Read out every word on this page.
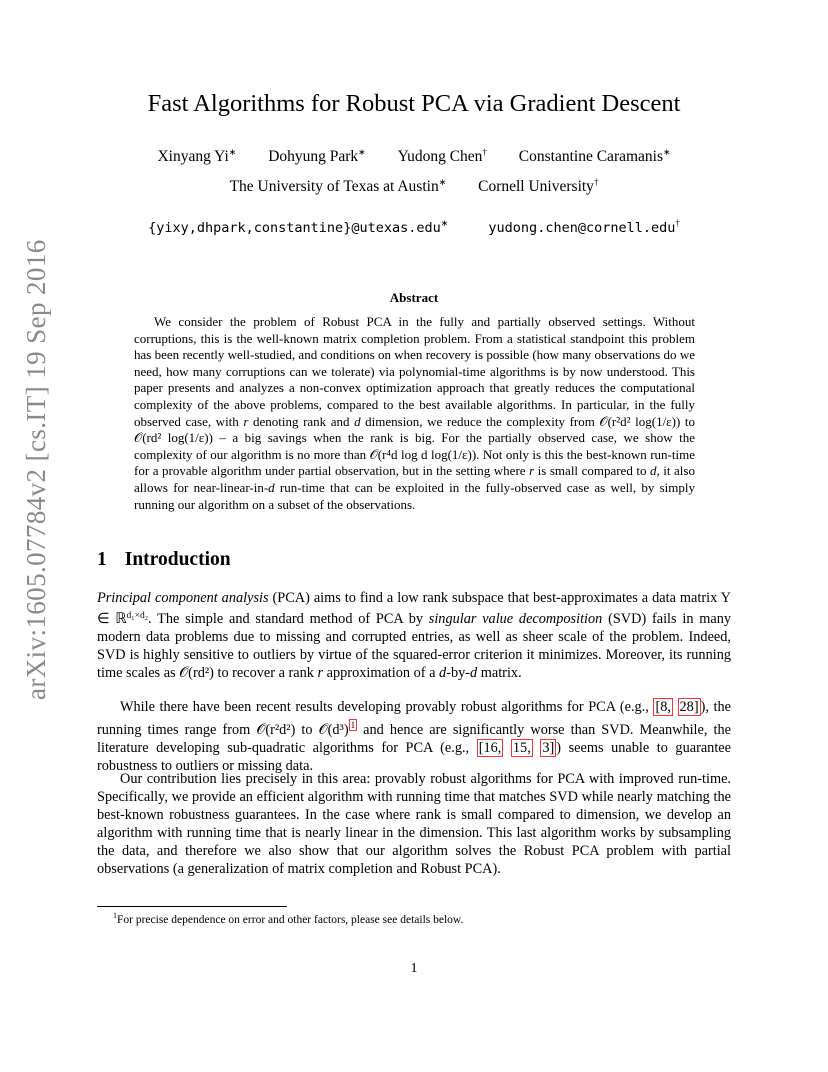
arXiv:1605.07784v2 [cs.IT] 19 Sep 2016
Fast Algorithms for Robust PCA via Gradient Descent
Xinyang Yi∗ Dohyung Park∗ Yudong Chen† Constantine Caramanis∗
The University of Texas at Austin∗ Cornell University†
{yixy,dhpark,constantine}@utexas.edu∗	yudong.chen@cornell.edu†
Abstract
We consider the problem of Robust PCA in the fully and partially observed settings. Without corruptions, this is the well-known matrix completion problem. From a statistical standpoint this problem has been recently well-studied, and conditions on when recovery is possible (how many observations do we need, how many corruptions can we tolerate) via polynomial-time algorithms is by now understood. This paper presents and analyzes a non-convex optimization approach that greatly reduces the computational complexity of the above problems, compared to the best available algorithms. In particular, in the fully observed case, with r denoting rank and d dimension, we reduce the complexity from 𝒪(r²d² log(1/ε)) to 𝒪(rd² log(1/ε)) – a big savings when the rank is big. For the partially observed case, we show the complexity of our algorithm is no more than 𝒪(r⁴d log d log(1/ε)). Not only is this the best-known run-time for a provable algorithm under partial observation, but in the setting where r is small compared to d, it also allows for near-linear-in-d run-time that can be exploited in the fully-observed case as well, by simply running our algorithm on a subset of the observations.
1 Introduction
Principal component analysis (PCA) aims to find a low rank subspace that best-approximates a data matrix Y ∈ ℝ$^{d_1\times d_2}$. The simple and standard method of PCA by singular value decomposition (SVD) fails in many modern data problems due to missing and corrupted entries, as well as sheer scale of the problem. Indeed, SVD is highly sensitive to outliers by virtue of the squared-error criterion it minimizes. Moreover, its running time scales as 𝒪(rd²) to recover a rank r approximation of a d-by-d matrix.
While there have been recent results developing provably robust algorithms for PCA (e.g., [8, 28] ), the running times range from 𝒪(r²d²) to 𝒪(d³) $^1$ and hence are significantly worse than SVD. Meanwhile, the literature developing sub-quadratic algorithms for PCA (e.g., [16, 15, 3] ) seems unable to guarantee robustness to outliers or missing data.
Our contribution lies precisely in this area: provably robust algorithms for PCA with improved run-time. Specifically, we provide an efficient algorithm with running time that matches SVD while nearly matching the best-known robustness guarantees. In the case where rank is small compared to dimension, we develop an algorithm with running time that is nearly linear in the dimension. This last algorithm works by subsampling the data, and therefore we also show that our algorithm solves the Robust PCA problem with partial observations (a generalization of matrix completion and Robust PCA).
$^1$For precise dependence on error and other factors, please see details below.
1
